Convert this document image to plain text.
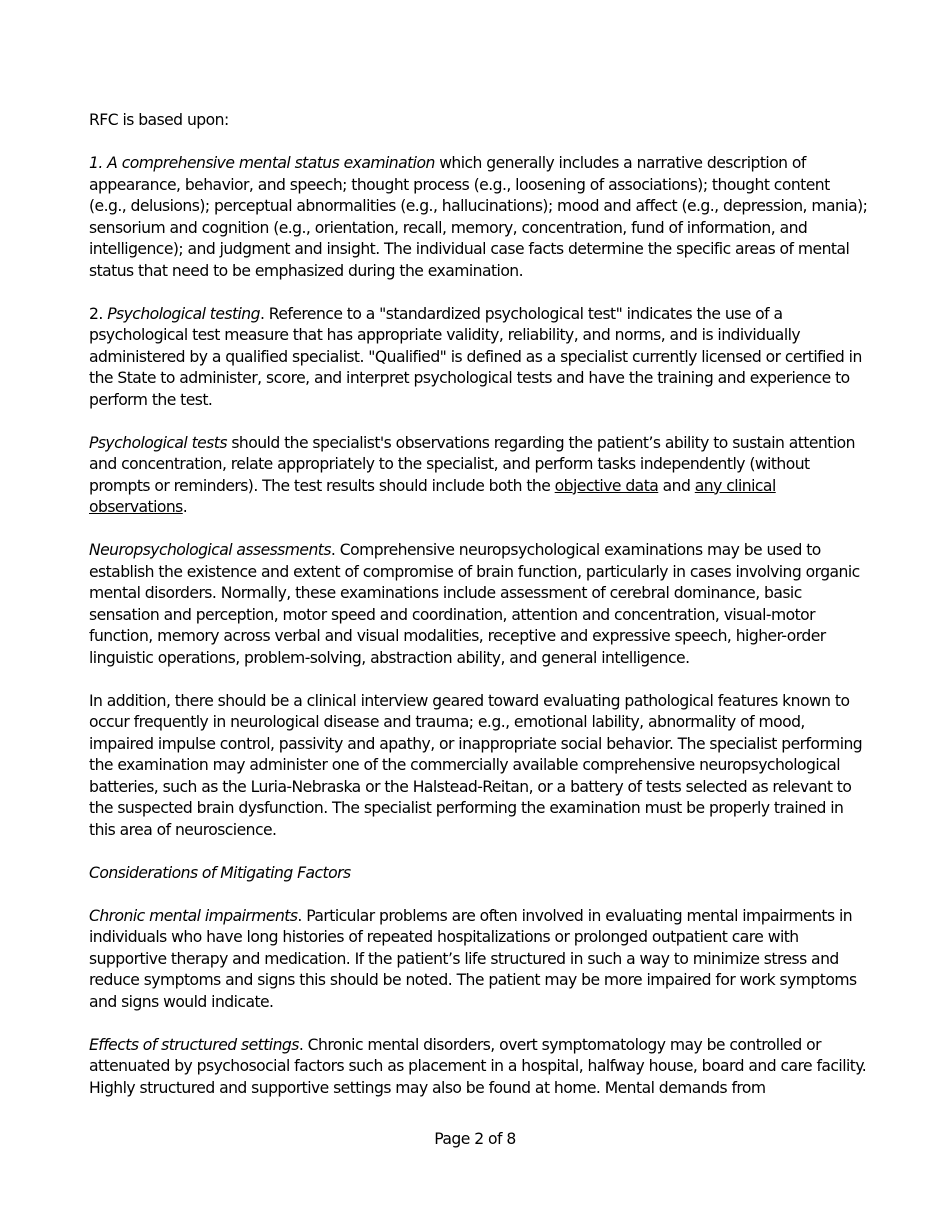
RFC is based upon:

1. A comprehensive mental status examination which generally includes a narrative description of appearance, behavior, and speech; thought process (e.g., loosening of associations); thought content (e.g., delusions); perceptual abnormalities (e.g., hallucinations); mood and affect (e.g., depression, mania); sensorium and cognition (e.g., orientation, recall, memory, concentration, fund of information, and intelligence); and judgment and insight. The individual case facts determine the specific areas of mental status that need to be emphasized during the examination.

2. Psychological testing. Reference to a "standardized psychological test" indicates the use of a psychological test measure that has appropriate validity, reliability, and norms, and is individually administered by a qualified specialist. "Qualified" is defined as a specialist currently licensed or certified in the State to administer, score, and interpret psychological tests and have the training and experience to perform the test.

Psychological tests should the specialist's observations regarding the patient’s ability to sustain attention and concentration, relate appropriately to the specialist, and perform tasks independently (without prompts or reminders). The test results should include both the objective data and any clinical observations.

Neuropsychological assessments. Comprehensive neuropsychological examinations may be used to establish the existence and extent of compromise of brain function, particularly in cases involving organic mental disorders. Normally, these examinations include assessment of cerebral dominance, basic sensation and perception, motor speed and coordination, attention and concentration, visual-motor function, memory across verbal and visual modalities, receptive and expressive speech, higher-order linguistic operations, problem-solving, abstraction ability, and general intelligence.

In addition, there should be a clinical interview geared toward evaluating pathological features known to occur frequently in neurological disease and trauma; e.g., emotional lability, abnormality of mood, impaired impulse control, passivity and apathy, or inappropriate social behavior. The specialist performing the examination may administer one of the commercially available comprehensive neuropsychological batteries, such as the Luria-Nebraska or the Halstead-Reitan, or a battery of tests selected as relevant to the suspected brain dysfunction. The specialist performing the examination must be properly trained in this area of neuroscience.

Considerations of Mitigating Factors

Chronic mental impairments. Particular problems are often involved in evaluating mental impairments in individuals who have long histories of repeated hospitalizations or prolonged outpatient care with supportive therapy and medication. If the patient’s life structured in such a way to minimize stress and reduce symptoms and signs this should be noted. The patient may be more impaired for work symptoms and signs would indicate.

Effects of structured settings. Chronic mental disorders, overt symptomatology may be controlled or attenuated by psychosocial factors such as placement in a hospital, halfway house, board and care facility. Highly structured and supportive settings may also be found at home. Mental demands from

Page 2 of 8
